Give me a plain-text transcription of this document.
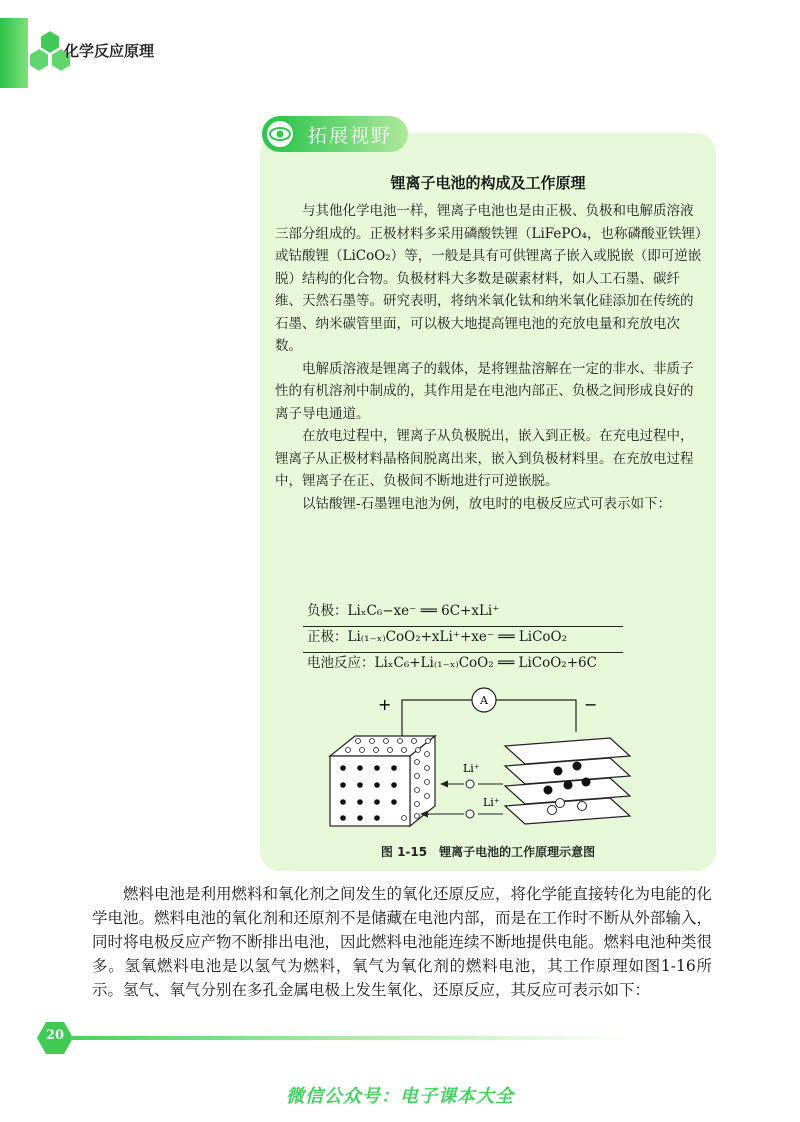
化学反应原理
拓展视野
锂离子电池的构成及工作原理

与其他化学电池一样，锂离子电池也是由正极、负极和电解质溶液三部分组成的。正极材料多采用磷酸铁锂（LiFePO₄，也称磷酸亚铁锂）或钴酸锂（LiCoO₂）等，一般是具有可供锂离子嵌入或脱嵌（即可逆嵌脱）结构的化合物。负极材料大多数是碳素材料，如人工石墨、碳纤维、天然石墨等。研究表明，将纳米氧化钛和纳米氧化硅添加在传统的石墨、纳米碳管里面，可以极大地提高锂电池的充放电量和充放电次数。

电解质溶液是锂离子的载体，是将锂盐溶解在一定的非水、非质子性的有机溶剂中制成的，其作用是在电池内部正、负极之间形成良好的离子导电通道。

在放电过程中，锂离子从负极脱出，嵌入到正极。在充电过程中，锂离子从正极材料晶格间脱离出来，嵌入到负极材料里。在充放电过程中，锂离子在正、负极间不断地进行可逆嵌脱。

以钴酸锂-石墨锂电池为例，放电时的电极反应式可表示如下：

负极：LiₓC₆−xe⁻ ══ 6C+xLi⁺
正极：Li₍₁₋ₓ₎CoO₂+xLi⁺+xe⁻ ══ LiCoO₂
电池反应：LiₓC₆+Li₍₁₋ₓ₎CoO₂ ══ LiCoO₂+6C
A
+	−
Li⁺
Li⁺
图 1-15　锂离子电池的工作原理示意图

燃料电池是利用燃料和氧化剂之间发生的氧化还原反应，将化学能直接转化为电能的化学电池。燃料电池的氧化剂和还原剂不是储藏在电池内部，而是在工作时不断从外部输入，同时将电极反应产物不断排出电池，因此燃料电池能连续不断地提供电能。燃料电池种类很多。氢氧燃料电池是以氢气为燃料，氧气为氧化剂的燃料电池，其工作原理如图1-16所示。氢气、氧气分别在多孔金属电极上发生氧化、还原反应，其反应可表示如下：

20
微信公众号：电子课本大全
